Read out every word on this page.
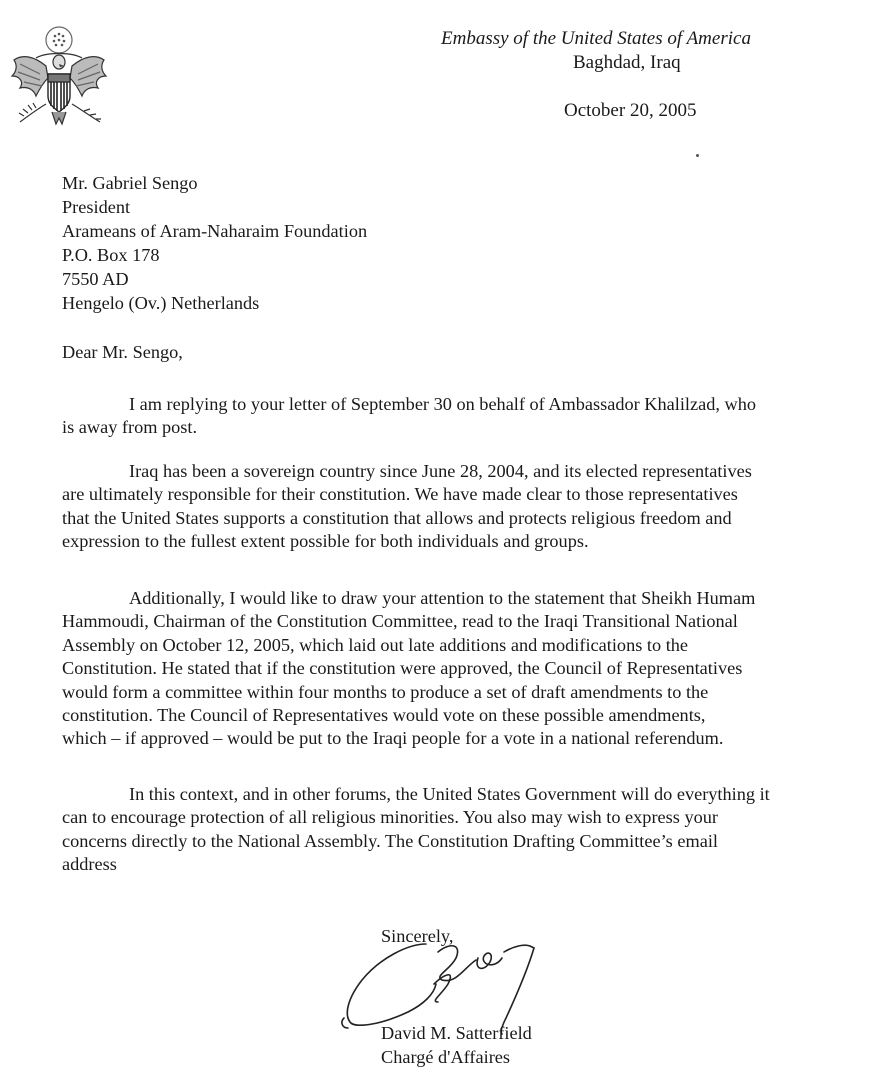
Embassy of the United States of America
Baghdad, Iraq
October 20, 2005
Mr. Gabriel Sengo
President
Arameans of Aram-Naharaim Foundation
P.O. Box 178
7550 AD
Hengelo (Ov.) Netherlands
Dear Mr. Sengo,

I am replying to your letter of September 30 on behalf of Ambassador Khalilzad, who
is away from post.

Iraq has been a sovereign country since June 28, 2004, and its elected representatives
are ultimately responsible for their constitution. We have made clear to those representatives
that the United States supports a constitution that allows and protects religious freedom and
expression to the fullest extent possible for both individuals and groups.

Additionally, I would like to draw your attention to the statement that Sheikh Humam
Hammoudi, Chairman of the Constitution Committee, read to the Iraqi Transitional National
Assembly on October 12, 2005, which laid out late additions and modifications to the
Constitution. He stated that if the constitution were approved, the Council of Representatives
would form a committee within four months to produce a set of draft amendments to the
constitution. The Council of Representatives would vote on these possible amendments,
which – if approved – would be put to the Iraqi people for a vote in a national referendum.

In this context, and in other forums, the United States Government will do everything it
can to encourage protection of all religious minorities. You also may wish to express your
concerns directly to the National Assembly. The Constitution Drafting Committee’s email
address

Sincerely,
David M. Satterfield
Chargé d'Affaires
